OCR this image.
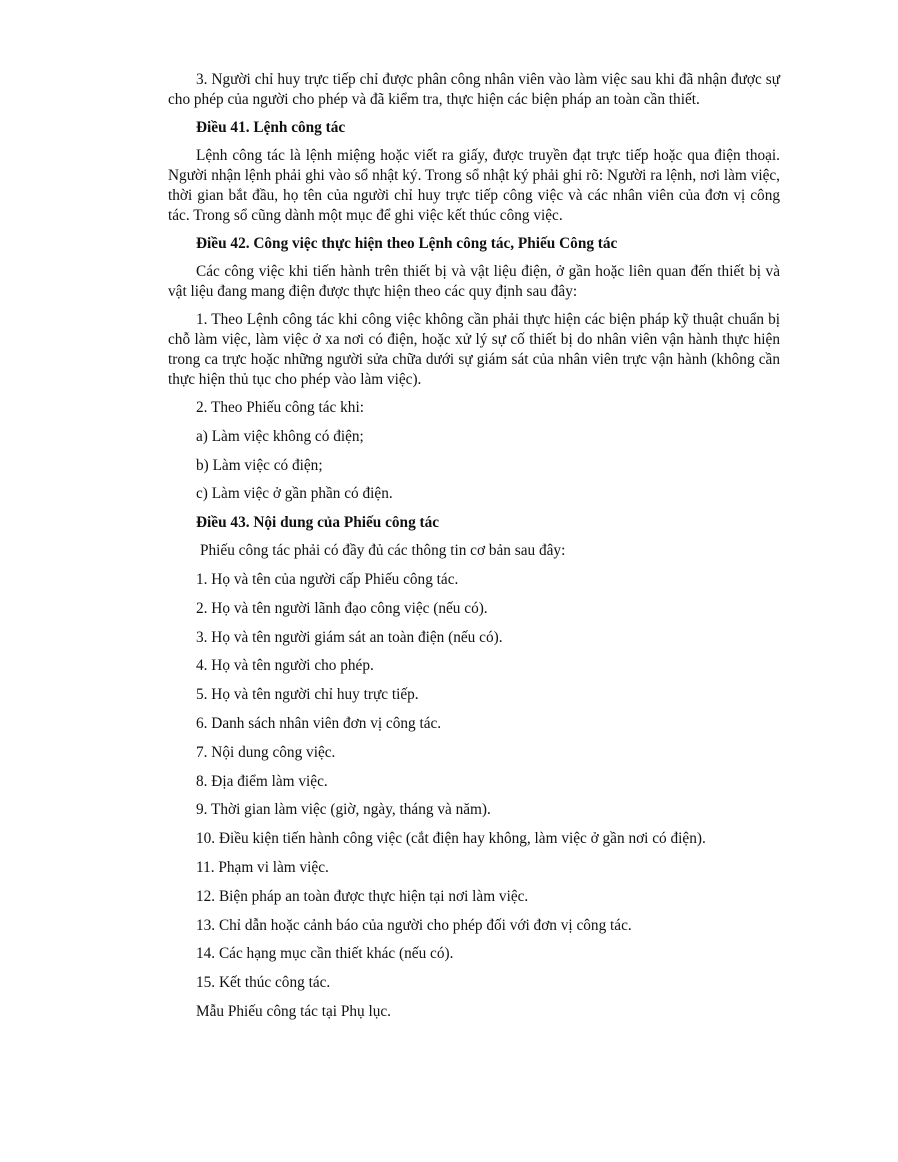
3. Người chỉ huy trực tiếp chỉ được phân công nhân viên vào làm việc sau khi đã nhận được sự cho phép của người cho phép và đã kiểm tra, thực hiện các biện pháp an toàn cần thiết.

Điều 41. Lệnh công tác

Lệnh công tác là lệnh miệng hoặc viết ra giấy, được truyền đạt trực tiếp hoặc qua điện thoại. Người nhận lệnh phải ghi vào sổ nhật ký. Trong sổ nhật ký phải ghi rõ: Người ra lệnh, nơi làm việc, thời gian bắt đầu, họ tên của người chỉ huy trực tiếp công việc và các nhân viên của đơn vị công tác. Trong sổ cũng dành một mục để ghi việc kết thúc công việc.

Điều 42. Công việc thực hiện theo Lệnh công tác, Phiếu Công tác

Các công việc khi tiến hành trên thiết bị và vật liệu điện, ở gần hoặc liên quan đến thiết bị và vật liệu đang mang điện được thực hiện theo các quy định sau đây:

1. Theo Lệnh công tác khi công việc không cần phải thực hiện các biện pháp kỹ thuật chuẩn bị chỗ làm việc, làm việc ở xa nơi có điện, hoặc xử lý sự cố thiết bị do nhân viên vận hành thực hiện trong ca trực hoặc những người sửa chữa dưới sự giám sát của nhân viên trực vận hành (không cần thực hiện thủ tục cho phép vào làm việc).

2. Theo Phiếu công tác khi:

a) Làm việc không có điện;

b) Làm việc có điện;

c) Làm việc ở gần phần có điện.

Điều 43. Nội dung của Phiếu công tác

Phiếu công tác phải có đầy đủ các thông tin cơ bản sau đây:

1. Họ và tên của người cấp Phiếu công tác.

2. Họ và tên người lãnh đạo công việc (nếu có).

3. Họ và tên người giám sát an toàn điện (nếu có).

4. Họ và tên người cho phép.

5. Họ và tên người chỉ huy trực tiếp.

6. Danh sách nhân viên đơn vị công tác.

7. Nội dung công việc.

8. Địa điểm làm việc.

9. Thời gian làm việc (giờ, ngày, tháng và năm).

10. Điều kiện tiến hành công việc (cắt điện hay không, làm việc ở gần nơi có điện).

11. Phạm vi làm việc.

12. Biện pháp an toàn được thực hiện tại nơi làm việc.

13. Chỉ dẫn hoặc cảnh báo của người cho phép đối với đơn vị công tác.

14. Các hạng mục cần thiết khác (nếu có).

15. Kết thúc công tác.

Mẫu Phiếu công tác tại Phụ lục.
